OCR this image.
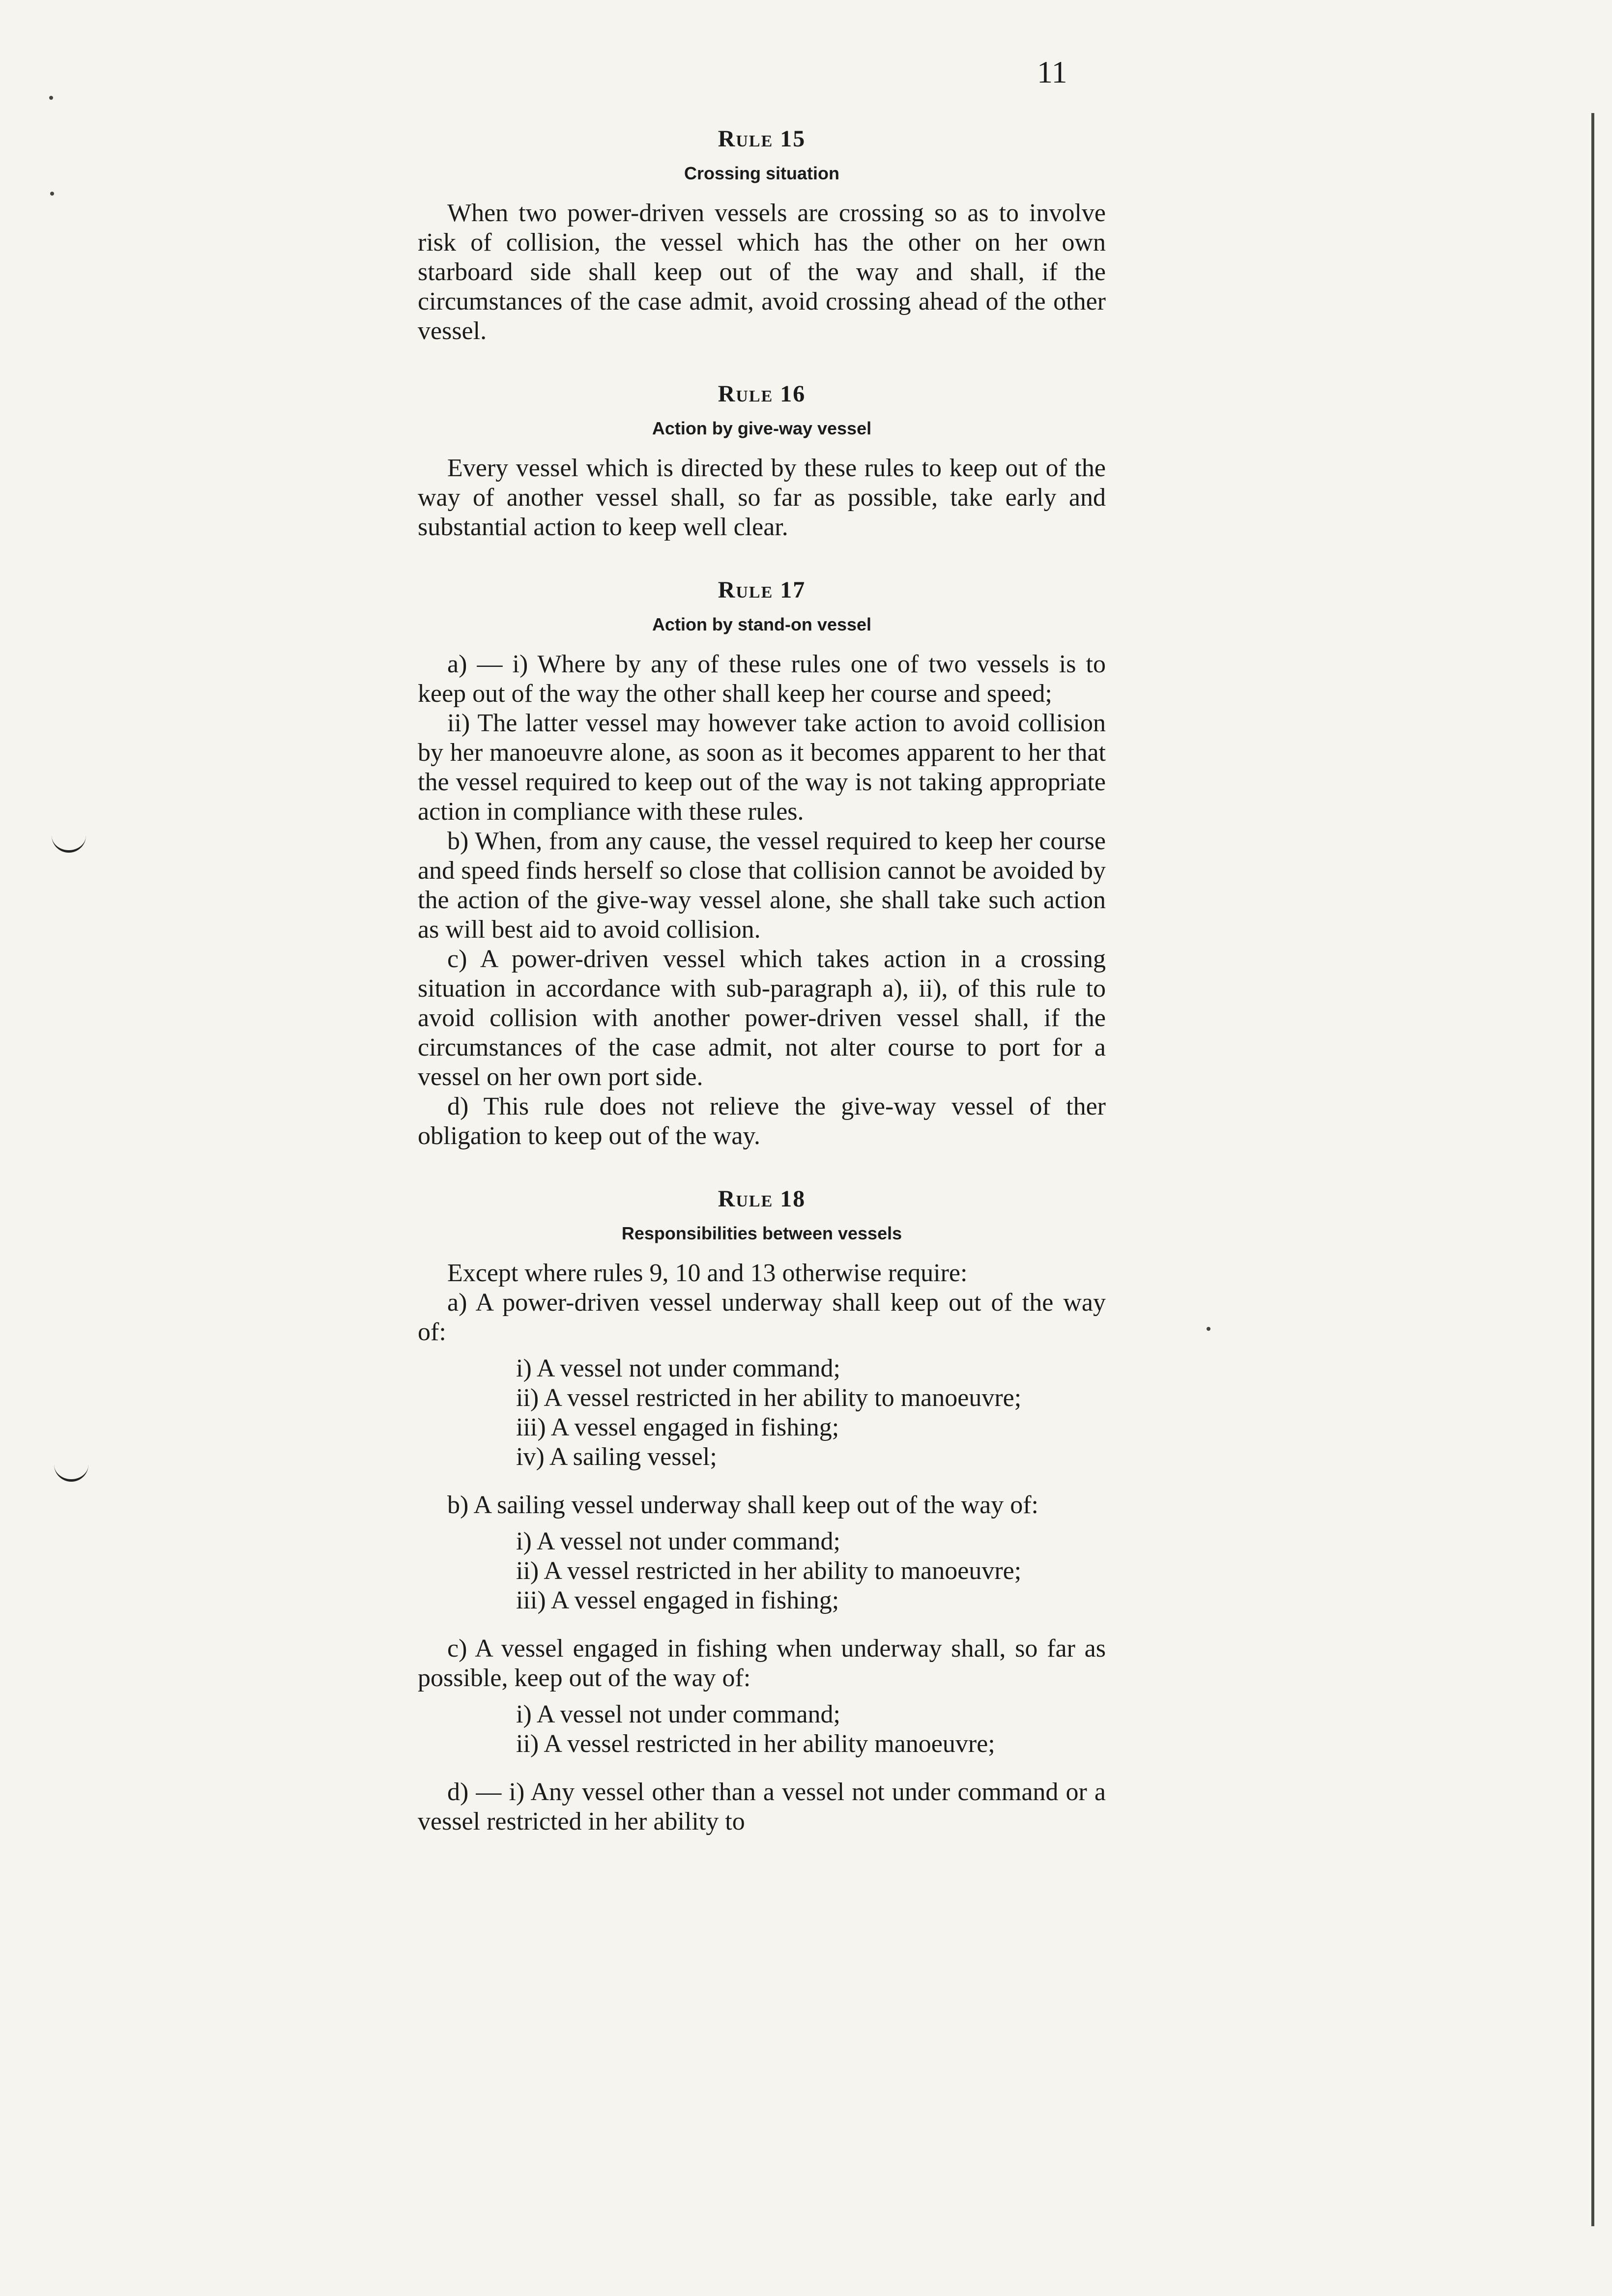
11
Rule 15
Crossing situation

When two power-driven vessels are crossing so as to involve risk of collision, the vessel which has the other on her own starboard side shall keep out of the way and shall, if the circumstances of the case admit, avoid crossing ahead of the other vessel.

Rule 16
Action by give-way vessel

Every vessel which is directed by these rules to keep out of the way of another vessel shall, so far as possible, take early and substantial action to keep well clear.

Rule 17
Action by stand-on vessel

a) — i) Where by any of these rules one of two vessels is to keep out of the way the other shall keep her course and speed;

ii) The latter vessel may however take action to avoid collision by her manoeuvre alone, as soon as it becomes apparent to her that the vessel required to keep out of the way is not taking appropriate action in compliance with these rules.

b) When, from any cause, the vessel required to keep her course and speed finds herself so close that collision cannot be avoided by the action of the give-way vessel alone, she shall take such action as will best aid to avoid collision.

c) A power-driven vessel which takes action in a crossing situation in accordance with sub-paragraph a), ii), of this rule to avoid collision with another power-driven vessel shall, if the circumstances of the case admit, not alter course to port for a vessel on her own port side.

d) This rule does not relieve the give-way vessel of ther obligation to keep out of the way.

Rule 18
Responsibilities between vessels

Except where rules 9, 10 and 13 otherwise require:

a) A power-driven vessel underway shall keep out of the way of:

i) A vessel not under command;

ii) A vessel restricted in her ability to manoeuvre;

iii) A vessel engaged in fishing;

iv) A sailing vessel;

b) A sailing vessel underway shall keep out of the way of:

i) A vessel not under command;

ii) A vessel restricted in her ability to manoeuvre;

iii) A vessel engaged in fishing;

c) A vessel engaged in fishing when underway shall, so far as possible, keep out of the way of:

i) A vessel not under command;

ii) A vessel restricted in her ability manoeuvre;

d) — i) Any vessel other than a vessel not under command or a vessel restricted in her ability to
